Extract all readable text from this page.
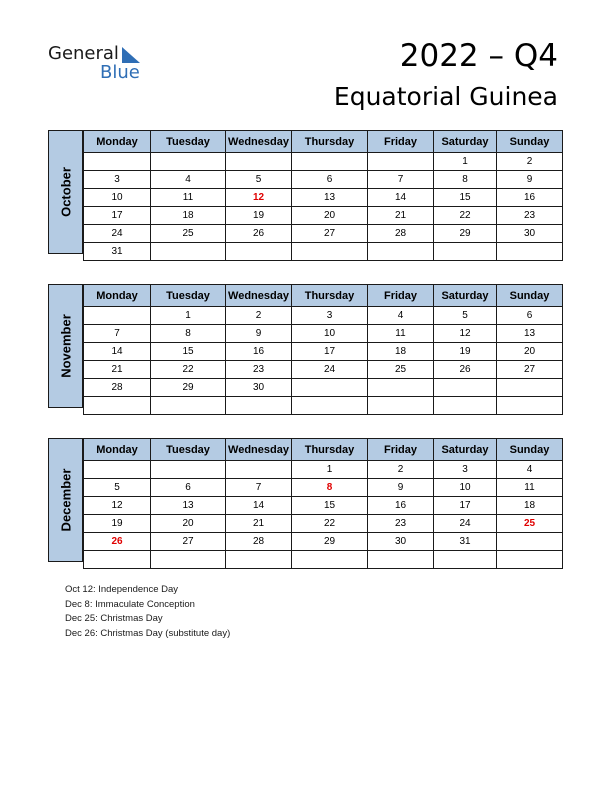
General
Blue	2022 – Q4
Equatorial Guinea
October
Monday	Tuesday	Wednesday	Thursday	Friday	Saturday	Sunday
					1	2
3	4	5	6	7	8	9
10	11	12	13	14	15	16
17	18	19	20	21	22	23
24	25	26	27	28	29	30
31						
November
Monday	Tuesday	Wednesday	Thursday	Friday	Saturday	Sunday
	1	2	3	4	5	6
7	8	9	10	11	12	13
14	15	16	17	18	19	20
21	22	23	24	25	26	27
28	29	30				

December
Monday	Tuesday	Wednesday	Thursday	Friday	Saturday	Sunday
			1	2	3	4
5	6	7	8	9	10	11
12	13	14	15	16	17	18
19	20	21	22	23	24	25
26	27	28	29	30	31	

Oct 12: Independence Day
Dec 8: Immaculate Conception
Dec 25: Christmas Day
Dec 26: Christmas Day (substitute day)
